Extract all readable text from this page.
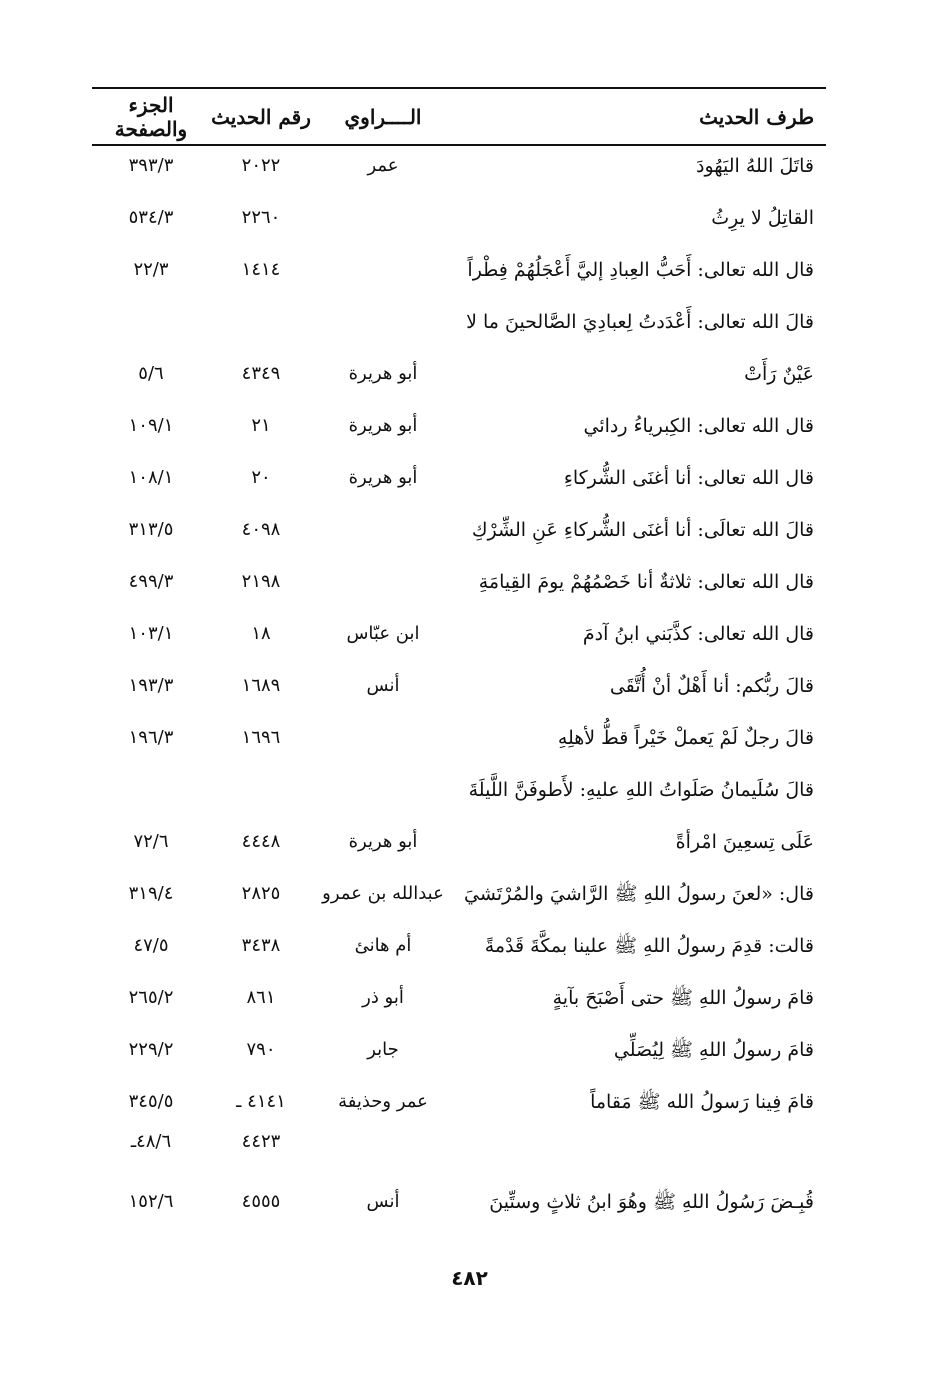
طرف الحديث
الــــراوي
رقم الحديث
الجزء والصفحة
قاتَلَ اللهُ اليَهُودَ
عمر
٢٠٢٢
٣٩٣/٣
القاتِلُ لا يرِثُ
٢٢٦٠
٥٣٤/٣
قال الله تعالى: أَحَبُّ العِبادِ إليَّ أَعْجَلُهُمْ فِطْراً
١٤١٤
٢٢/٣
قالَ الله تعالى: أَعْدَدتُ لِعبادِيَ الصَّالحينَ ما لا عَيْنٌ رَأَتْ
أبو هريرة
٤٣٤٩
٥/٦
قال الله تعالى: الكِبرياءُ ردائي
أبو هريرة
٢١
١٠٩/١
قال الله تعالى: أنا أغنَى الشُّركاءِ
أبو هريرة
٢٠
١٠٨/١
قالَ الله تعالَى: أنا أغنَى الشُّركاءِ عَنِ الشِّرْكِ
٤٠٩٨
٣١٣/٥
قال الله تعالى: ثلاثةٌ أنا خَصْمُهُمْ يومَ القِيامَةِ
٢١٩٨
٤٩٩/٣
قال الله تعالى: كذَّبَني ابنُ آدمَ
ابن عبّاس
١٨
١٠٣/١
قالَ ربُّكم: أنا أَهْلٌ أنْ أُتَّقَى
أنس
١٦٨٩
١٩٣/٣
قالَ رجلٌ لَمْ يَعملْ خَيْراً قطُّ لأهلِهِ
١٦٩٦
١٩٦/٣
قالَ سُلَيمانُ صَلَواتُ اللهِ عليهِ: لأَطوفَنَّ اللَّيلَةَ عَلَى تِسعِينَ امْرأةً
أبو هريرة
٤٤٤٨
٧٢/٦
قال: «لعنَ رسولُ اللهِ ﷺ الرَّاشيَ والمُرْتَشيَ
عبدالله بن عمرو
٢٨٢٥
٣١٩/٤
قالت: قدِمَ رسولُ اللهِ ﷺ علينا بمكَّةَ قَدْمةً
أم هانئ
٣٤٣٨
٤٧/٥
قامَ رسولُ اللهِ ﷺ حتى أَصْبَحَ بآيةٍ
أبو ذر
٨٦١
٢٦٥/٢
قامَ رسولُ اللهِ ﷺ لِيُصَلِّي
جابر
٧٩٠
٢٢٩/٢
قامَ فِينا رَسولُ الله ﷺ مَقاماً
عمر وحذيفة
٤١٤١ ـ
٣٤٥/٥
٤٤٢٣
٤٨/٦ـ
قُبِـضَ رَسُولُ اللهِ ﷺ وهُوَ ابنُ ثلاثٍ وستِّينَ
أنس
٤٥٥٥
١٥٢/٦
٤٨٢
